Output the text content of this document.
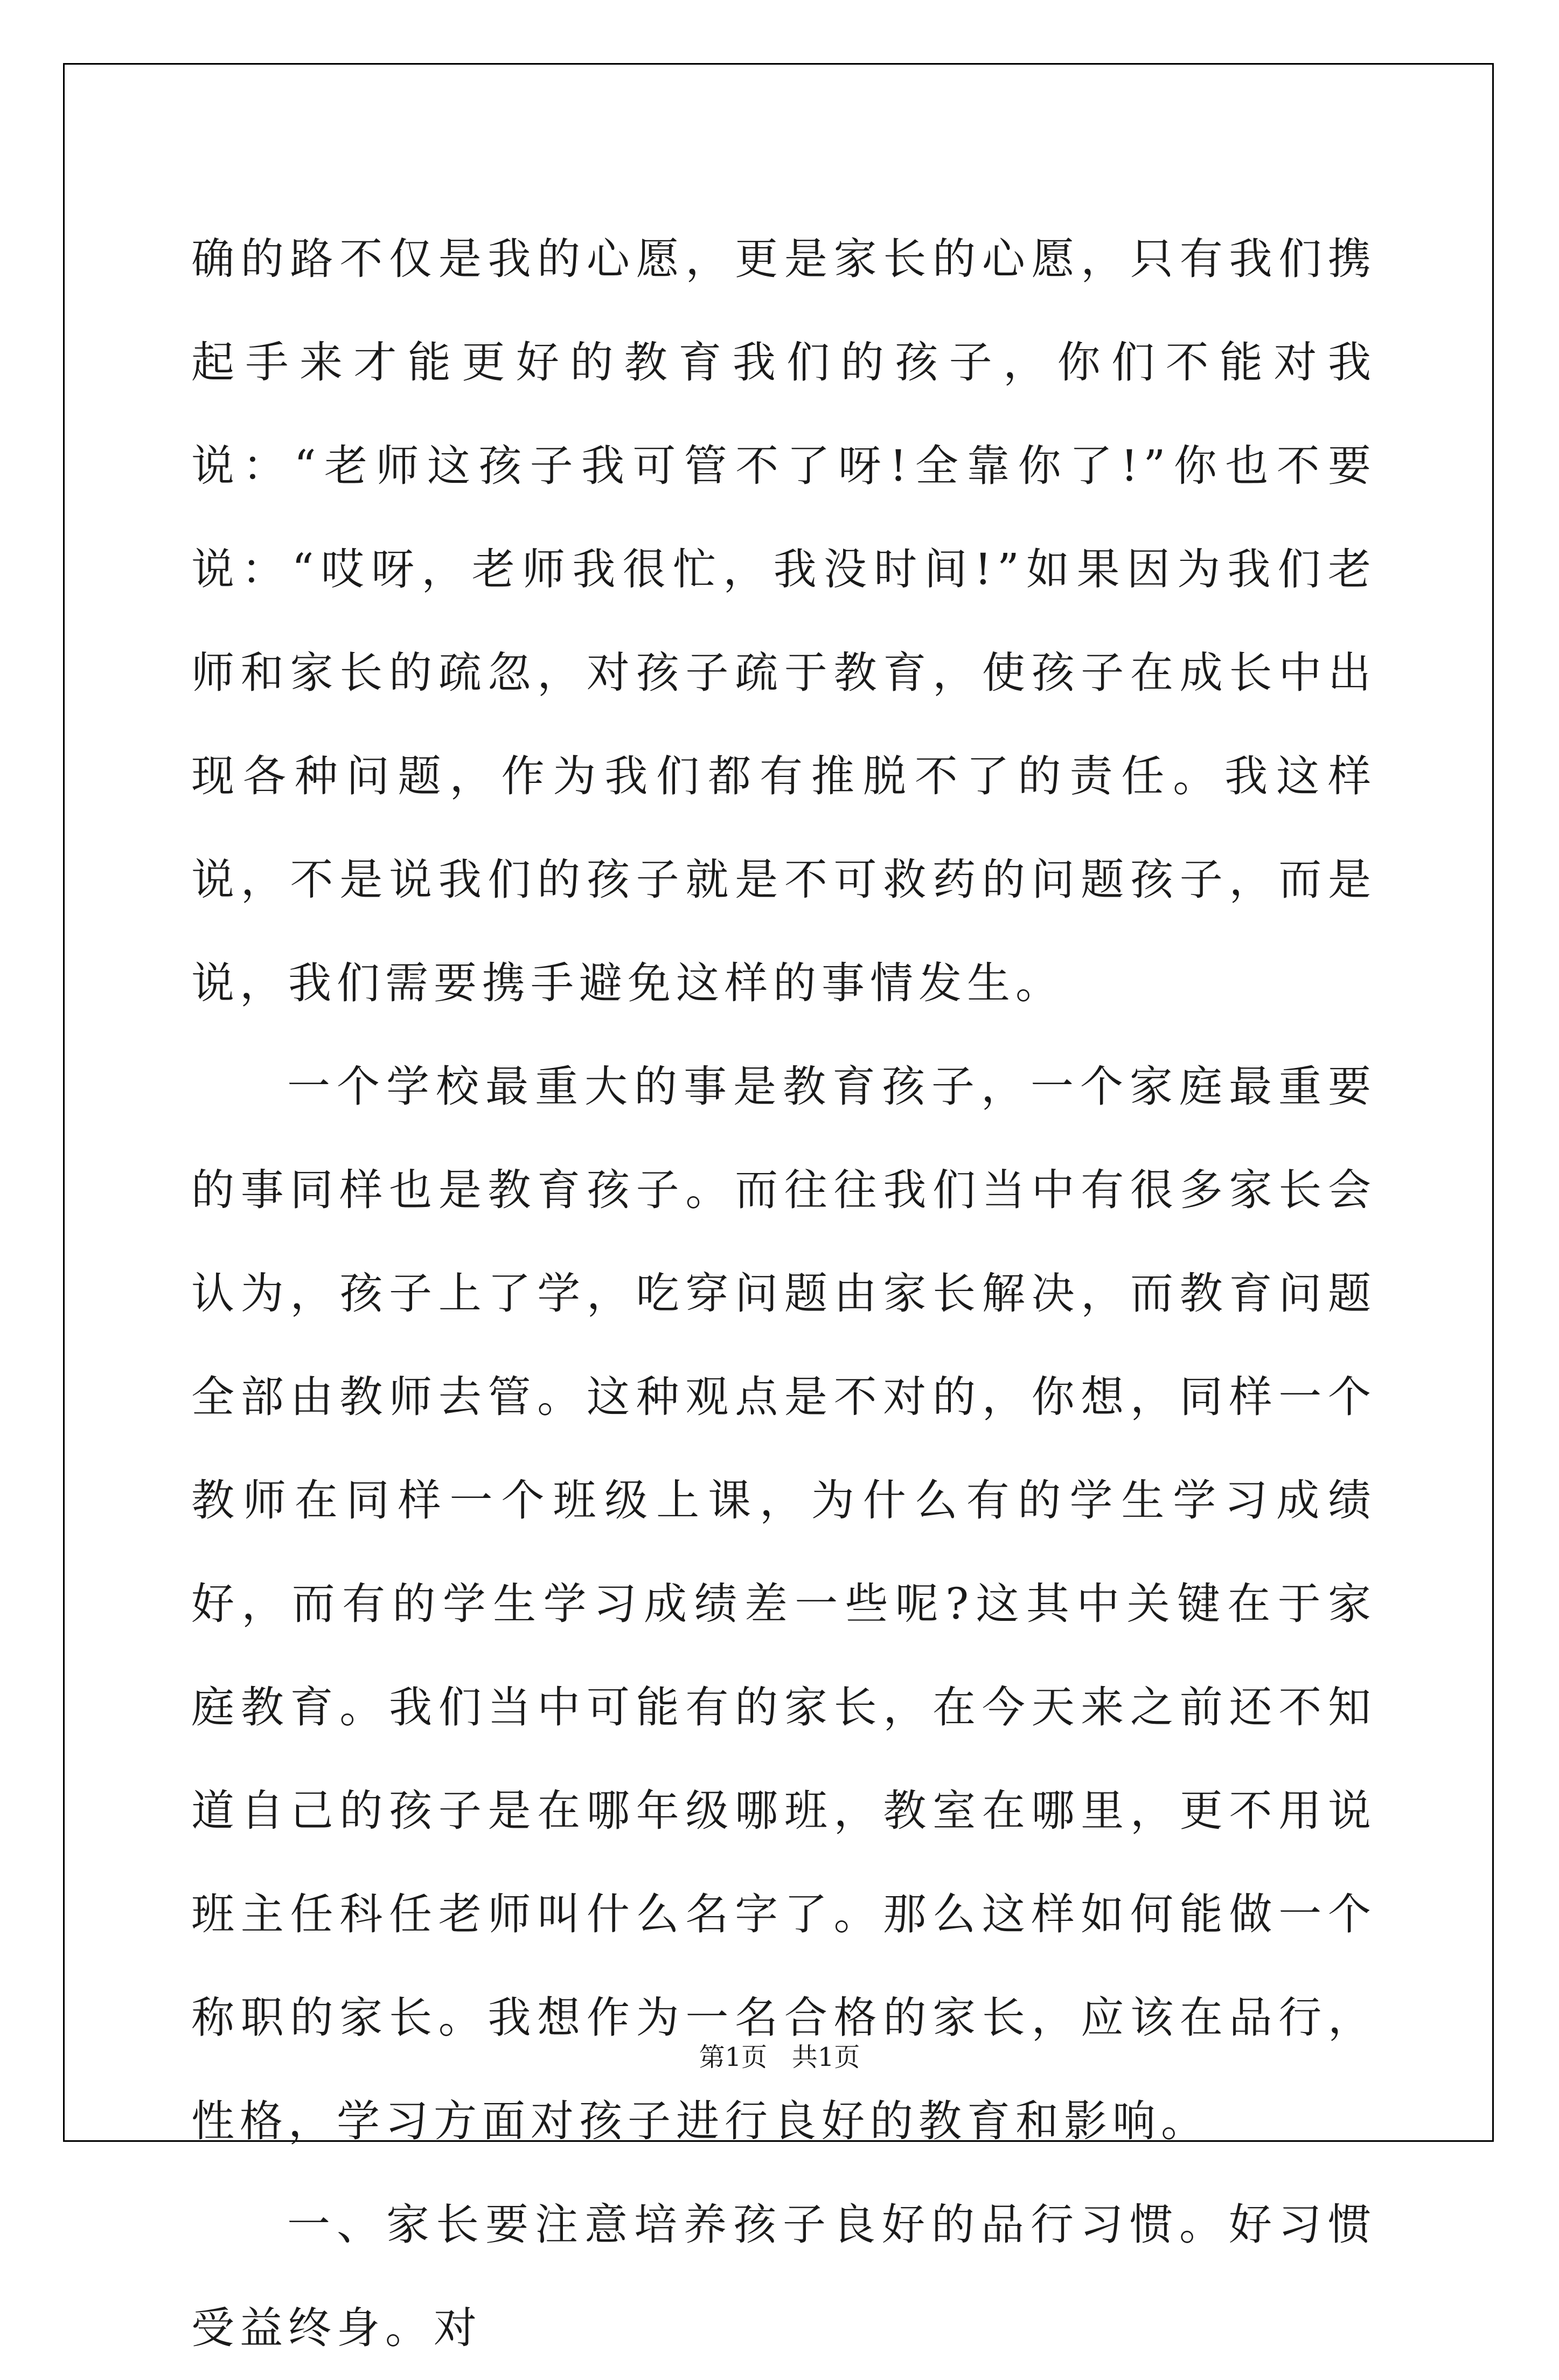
确的路不仅是我的心愿，更是家长的心愿，只有我们携起手来才能更好的教育我们的孩子，你们不能对我说：“老师这孩子我可管不了呀!全靠你了!”你也不要说：“哎呀，老师我很忙，我没时间!”如果因为我们老师和家长的疏忽，对孩子疏于教育，使孩子在成长中出现各种问题，作为我们都有推脱不了的责任。我这样说，不是说我们的孩子就是不可救药的问题孩子，而是说，我们需要携手避免这样的事情发生。

一个学校最重大的事是教育孩子，一个家庭最重要的事同样也是教育孩子。而往往我们当中有很多家长会认为，孩子上了学，吃穿问题由家长解决，而教育问题全部由教师去管。这种观点是不对的，你想，同样一个教师在同样一个班级上课，为什么有的学生学习成绩好，而有的学生学习成绩差一些呢?这其中关键在于家庭教育。我们当中可能有的家长，在今天来之前还不知道自己的孩子是在哪年级哪班，教室在哪里，更不用说班主任科任老师叫什么名字了。那么这样如何能做一个称职的家长。我想作为一名合格的家长，应该在品行，性格，学习方面对孩子进行良好的教育和影响。

一、家长要注意培养孩子良好的品行习惯。好习惯受益终身。对

第1页 共1页
